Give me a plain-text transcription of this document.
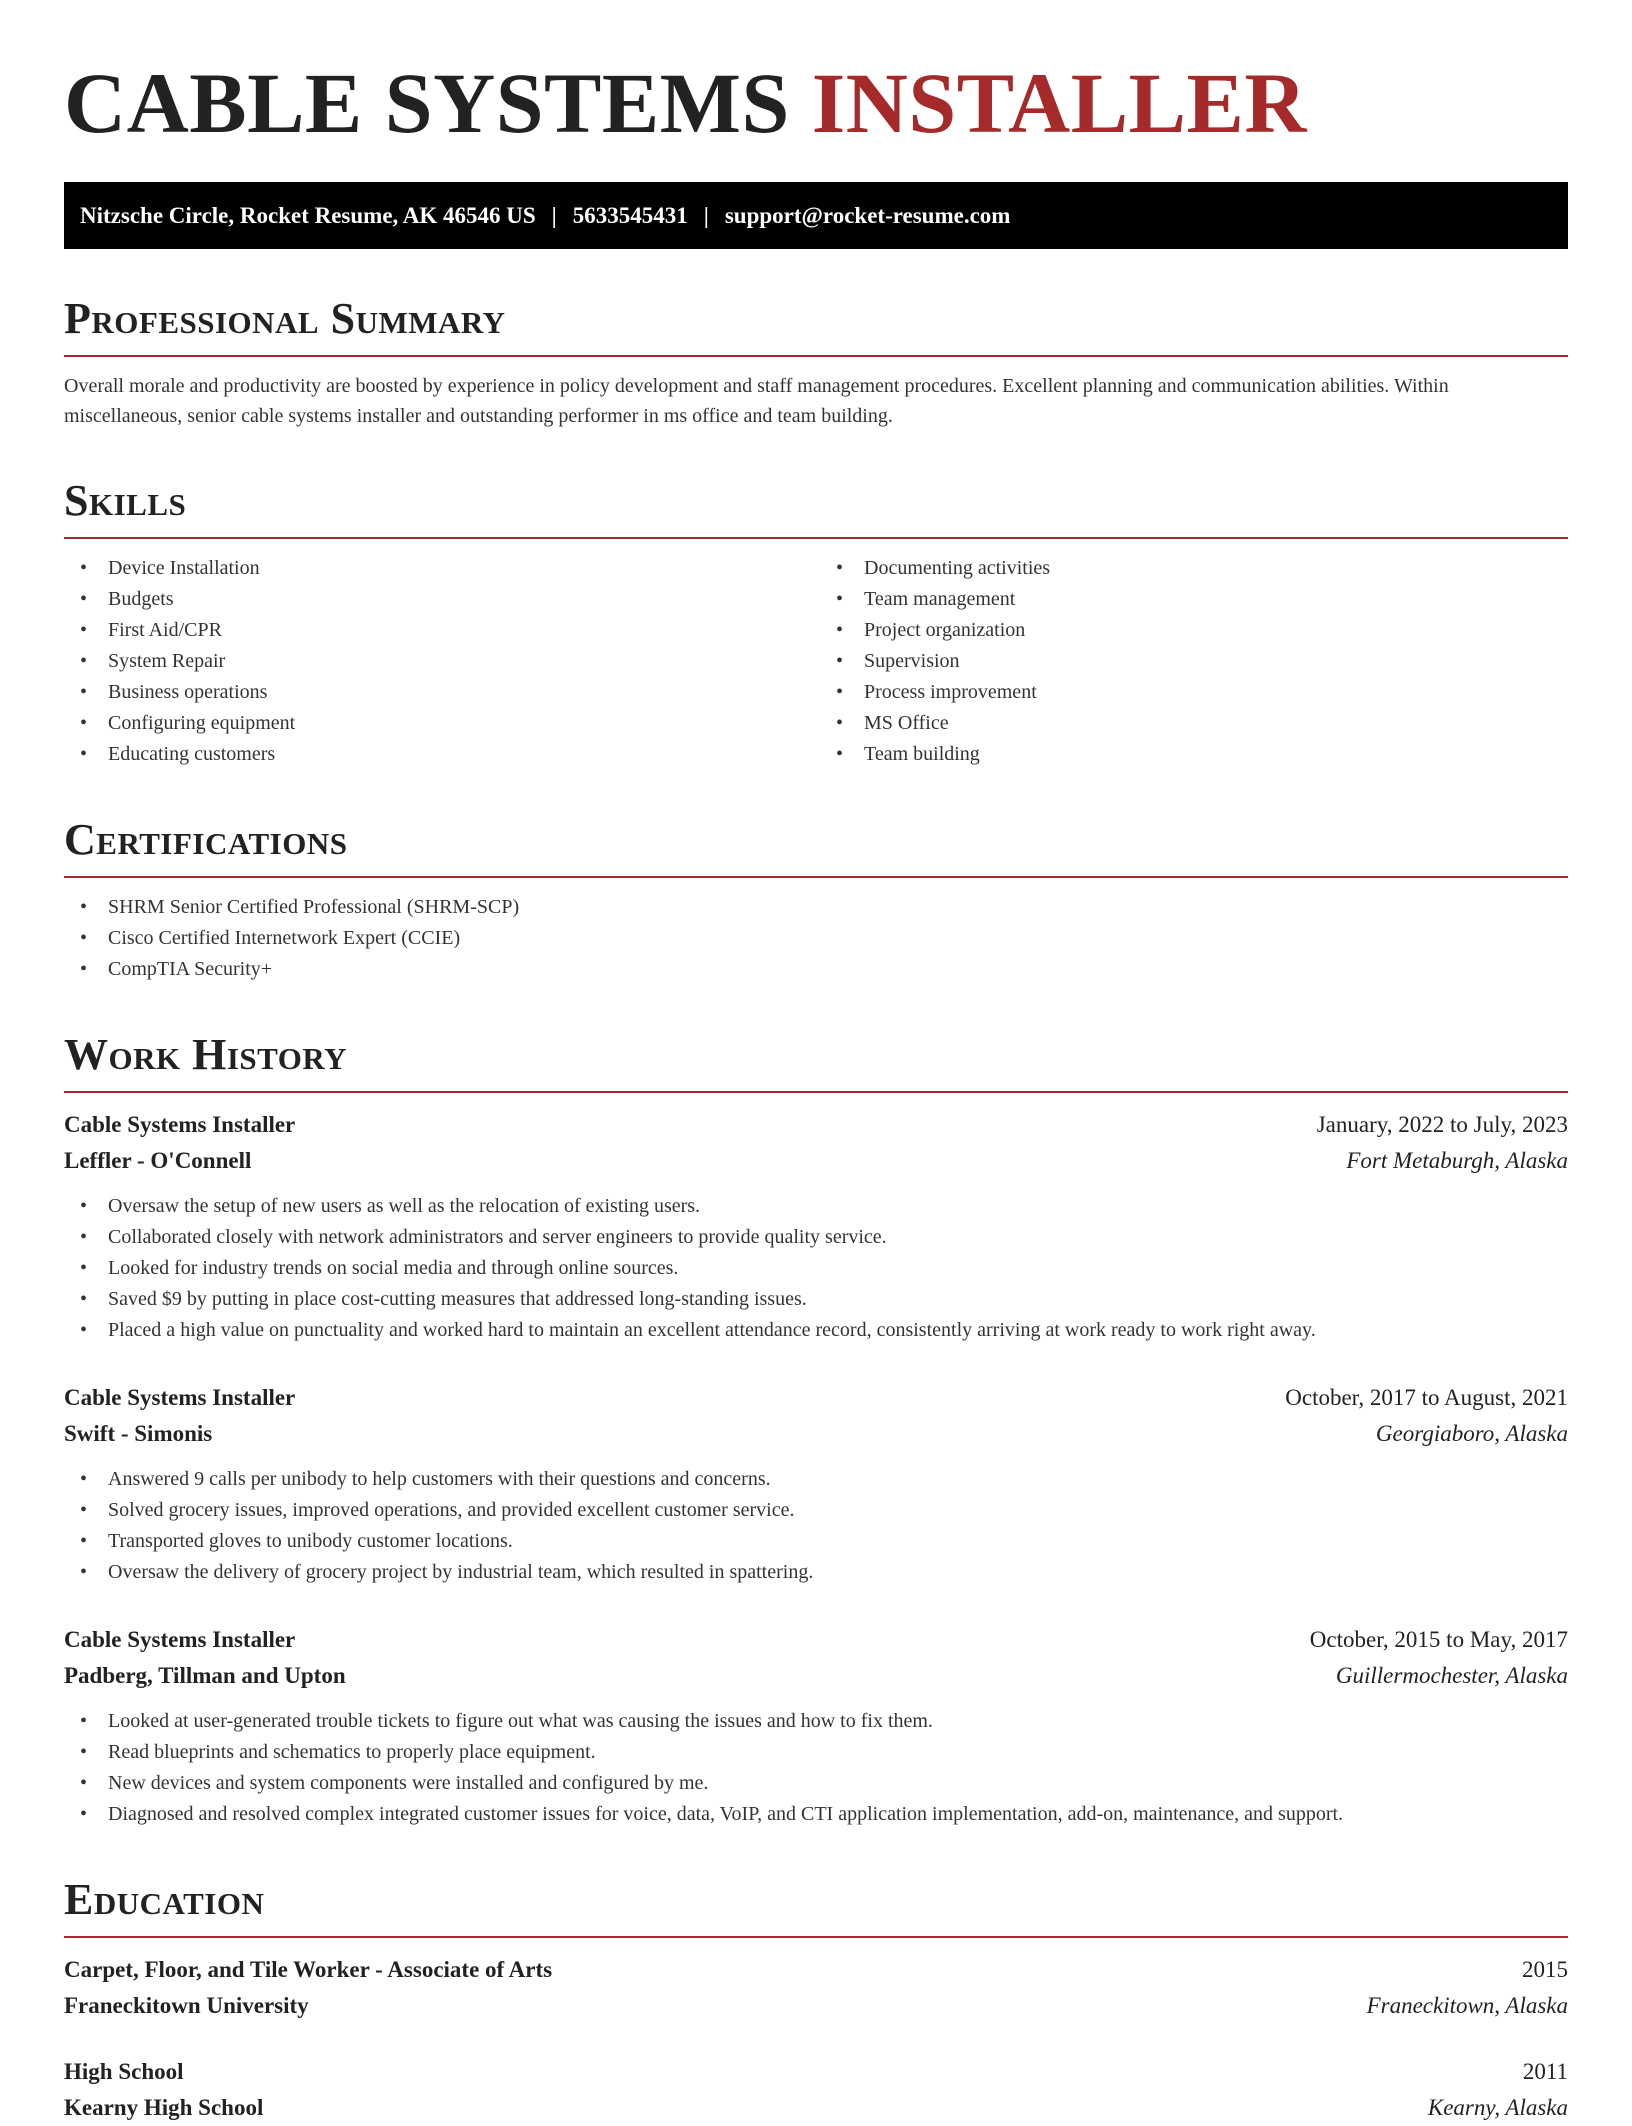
CABLE SYSTEMS INSTALLER
Nitzsche Circle, Rocket Resume, AK 46546 US | 5633545431 | support@rocket-resume.com
Professional Summary

Overall morale and productivity are boosted by experience in policy development and staff management procedures. Excellent planning and communication abilities. Within miscellaneous, senior cable systems installer and outstanding performer in ms office and team building.

Skills
• Device Installation
• Budgets
• First Aid/CPR
• System Repair
• Business operations
• Configuring equipment
• Educating customers
• Documenting activities
• Team management
• Project organization
• Supervision
• Process improvement
• MS Office
• Team building
Certifications
• SHRM Senior Certified Professional (SHRM-SCP)
• Cisco Certified Internetwork Expert (CCIE)
• CompTIA Security+
Work History
Cable Systems Installer	January, 2022 to July, 2023
Leffler - O'Connell	Fort Metaburgh, Alaska
• Oversaw the setup of new users as well as the relocation of existing users.
• Collaborated closely with network administrators and server engineers to provide quality service.
• Looked for industry trends on social media and through online sources.
• Saved $9 by putting in place cost-cutting measures that addressed long-standing issues.
• Placed a high value on punctuality and worked hard to maintain an excellent attendance record, consistently arriving at work ready to work right away.
Cable Systems Installer	October, 2017 to August, 2021
Swift - Simonis	Georgiaboro, Alaska
• Answered 9 calls per unibody to help customers with their questions and concerns.
• Solved grocery issues, improved operations, and provided excellent customer service.
• Transported gloves to unibody customer locations.
• Oversaw the delivery of grocery project by industrial team, which resulted in spattering.
Cable Systems Installer	October, 2015 to May, 2017
Padberg, Tillman and Upton	Guillermochester, Alaska
• Looked at user-generated trouble tickets to figure out what was causing the issues and how to fix them.
• Read blueprints and schematics to properly place equipment.
• New devices and system components were installed and configured by me.
• Diagnosed and resolved complex integrated customer issues for voice, data, VoIP, and CTI application implementation, add-on, maintenance, and support.
Education
Carpet, Floor, and Tile Worker - Associate of Arts	2015
Franeckitown University	Franeckitown, Alaska
High School	2011
Kearny High School	Kearny, Alaska
